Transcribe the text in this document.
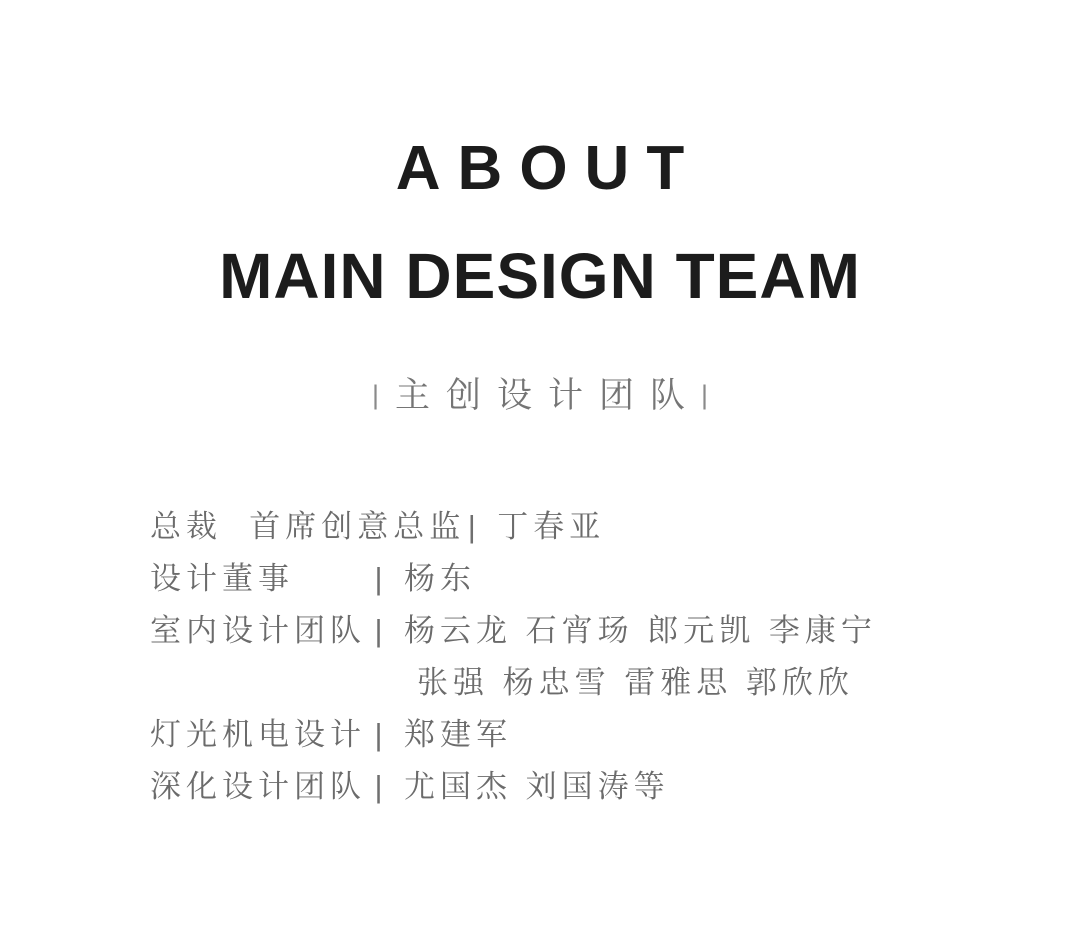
ABOUT
MAIN DESIGN TEAM
|主创设计团队|
总裁  首席创意总监 | 丁春亚
设计董事	| 杨东
室内设计团队 | 杨云龙 石宵玚 郎元凯 李康宁
张强 杨忠雪 雷雅思 郭欣欣
灯光机电设计 | 郑建军
深化设计团队 | 尤国杰 刘国涛等
